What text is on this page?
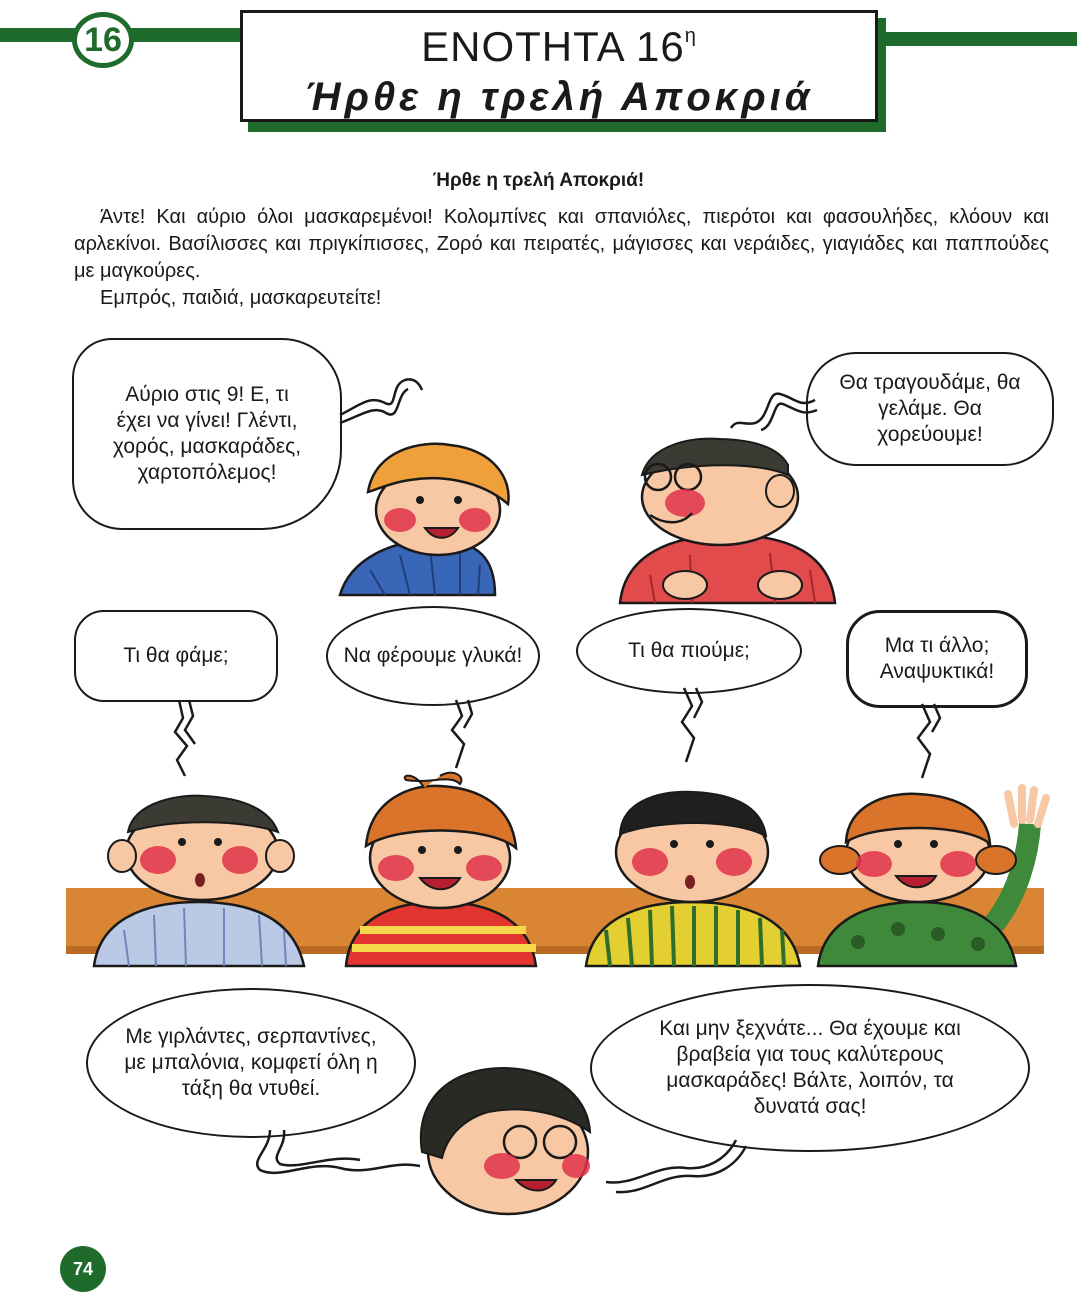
16	ΕΝΟΤΗΤΑ $16^\eta$
Ήρθε η τρελή Αποκριά
Ήρθε η τρελή Αποκριά!

Άντε! Και αύριο όλοι μασκαρεμένοι! Κολομπίνες και σπανιόλες, πιερότοι και φασουλήδες, κλόουν και αρλεκίνοι. Βασίλισσες και πριγκίπισσες, Ζορό και πειρατές, μάγισσες και νεράιδες, γιαγιάδες και παππούδες με μαγκούρες.

Εμπρός, παιδιά, μασκαρευτείτε!

Αύριο στις 9! Ε, τι έχει να γίνει! Γλέντι, χορός, μασκαράδες, χαρτοπόλεμος!
Θα τραγουδάμε, θα γελάμε. Θα χορεύουμε!
Τι θα φάμε;	Να φέρουμε γλυκά!	Τι θα πιούμε;	Μα τι άλλο; Αναψυκτικά!
Με γιρλάντες, σερπαντίνες, με μπαλόνια, κομφετί όλη η τάξη θα ντυθεί.
Και μην ξεχνάτε... Θα έχουμε και βραβεία για τους καλύτερους μασκαράδες! Βάλτε, λοιπόν, τα δυνατά σας!
74
